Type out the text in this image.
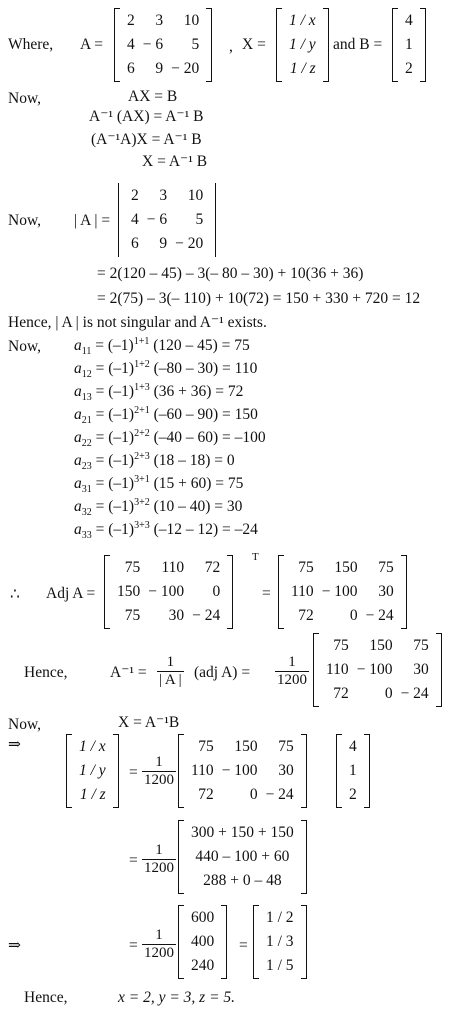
Where, A =
2	3	10
4	− 6	5
6	9	− 20
, X =
1 / x
1 / y
1 / z
and B =
4
1
2
Now,	AX = B
A⁻¹ (AX) = A⁻¹ B
(A⁻¹A)X = A⁻¹ B
X = A⁻¹ B
Now, | A | =
2	3	10
4	− 6	5
6	9	− 20
= 2(120 – 45) – 3(– 80 – 30) + 10(36 + 36)
= 2(75) – 3(– 110) + 10(72) = 150 + 330 + 720 = 12
Hence, | A | is not singular and A⁻¹ exists.
Now, $a_{11} = (-1)^{1+1}$ (120 – 45) = 75
$a_{12} = (-1)^{1+2}$ (–80 – 30) = 110
$a_{13} = (-1)^{1+3}$ (36 + 36) = 72
$a_{21} = (-1)^{2+1}$ (–60 – 90) = 150
$a_{22} = (-1)^{2+2}$ (–40 – 60) = –100
$a_{23} = (-1)^{2+3}$ (18 – 18) = 0
$a_{31} = (-1)^{3+1}$ (15 + 60) = 75
$a_{32} = (-1)^{3+2}$ (10 – 40) = 30
$a_{33} = (-1)^{3+3}$ (–12 – 12) = –24
∴ Adj A =
75	110	72
150	− 100	0
75	30	− 24
T
=
75	150	75
110	− 100	30
72	0	− 24
Hence,	$A^{-1} = \frac{1}{| A |} (adj$ $A) = \frac{1}{1200}$
75	150	75
110	− 100	30
72	0	− 24
Now,	X = A⁻¹B
⇒	1 / x
1 / y
1 / z
= $\frac{1}{1200}$
75	150	75
110	− 100	30
72	0	− 24
4
1
2
= $\frac{1}{1200}$
300 + 150 + 150
440 – 100 + 60
288 + 0 – 48
⇒	= $\frac{1}{1200}$
600
400
240
=
1 / 2
1 / 3
1 / 5
Hence,	x = 2, y = 3, z = 5.
